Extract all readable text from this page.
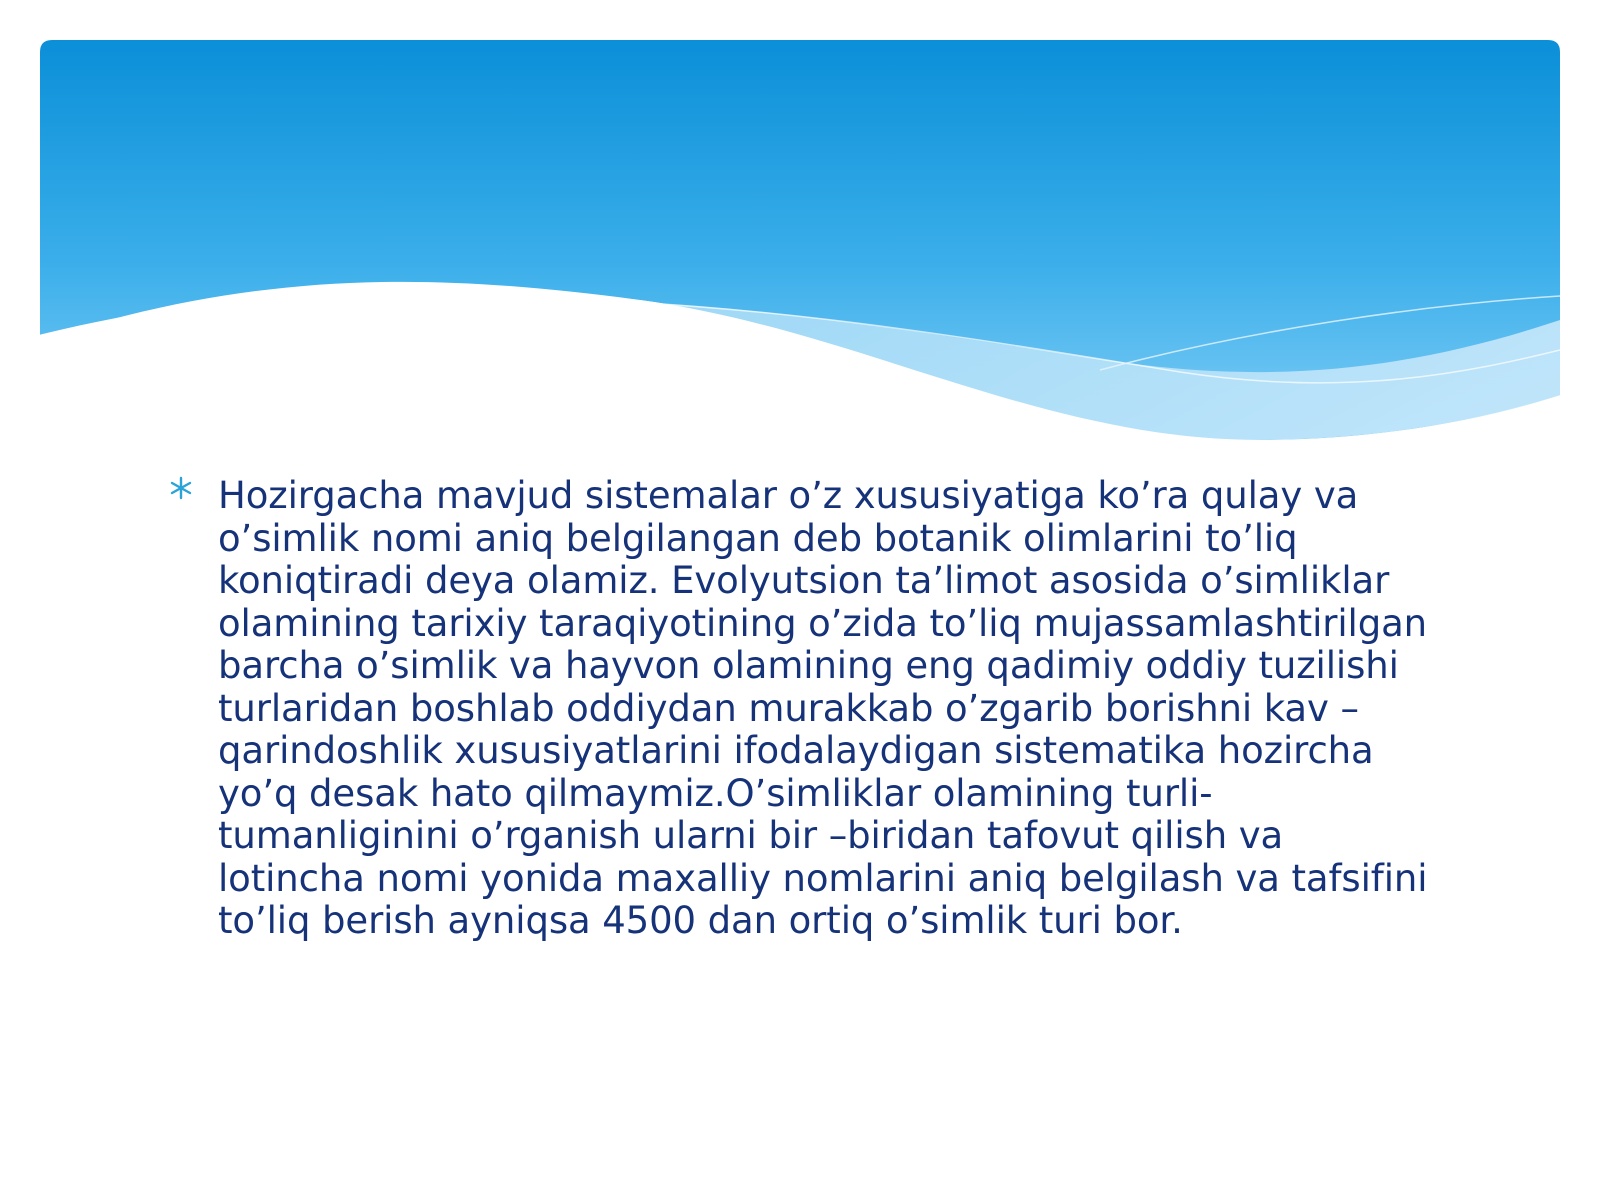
Hozirgacha mavjud sistemalar o’z xususiyatiga ko’ra qulay va o’simlik nomi aniq belgilangan deb botanik olimlarini to’liq koniqtiradi deya olamiz. Evolyutsion ta’limot asosida o’simliklar olamining tarixiy taraqiyotining o’zida to’liq mujassamlashtirilgan barcha o’simlik va hayvon olamining eng qadimiy oddiy tuzilishi turlaridan boshlab oddiydan murakkab o’zgarib borishni kav –qarindoshlik xususiyatlarini ifodalaydigan sistematika hozircha yo’q desak hato qilmaymiz.O’simliklar olamining turli-tumanliginini o’rganish ularni bir –biridan tafovut qilish va lotincha nomi yonida maxalliy nomlarini aniq belgilash va tafsifini to’liq berish ayniqsa 4500 dan ortiq o’simlik turi bor.
